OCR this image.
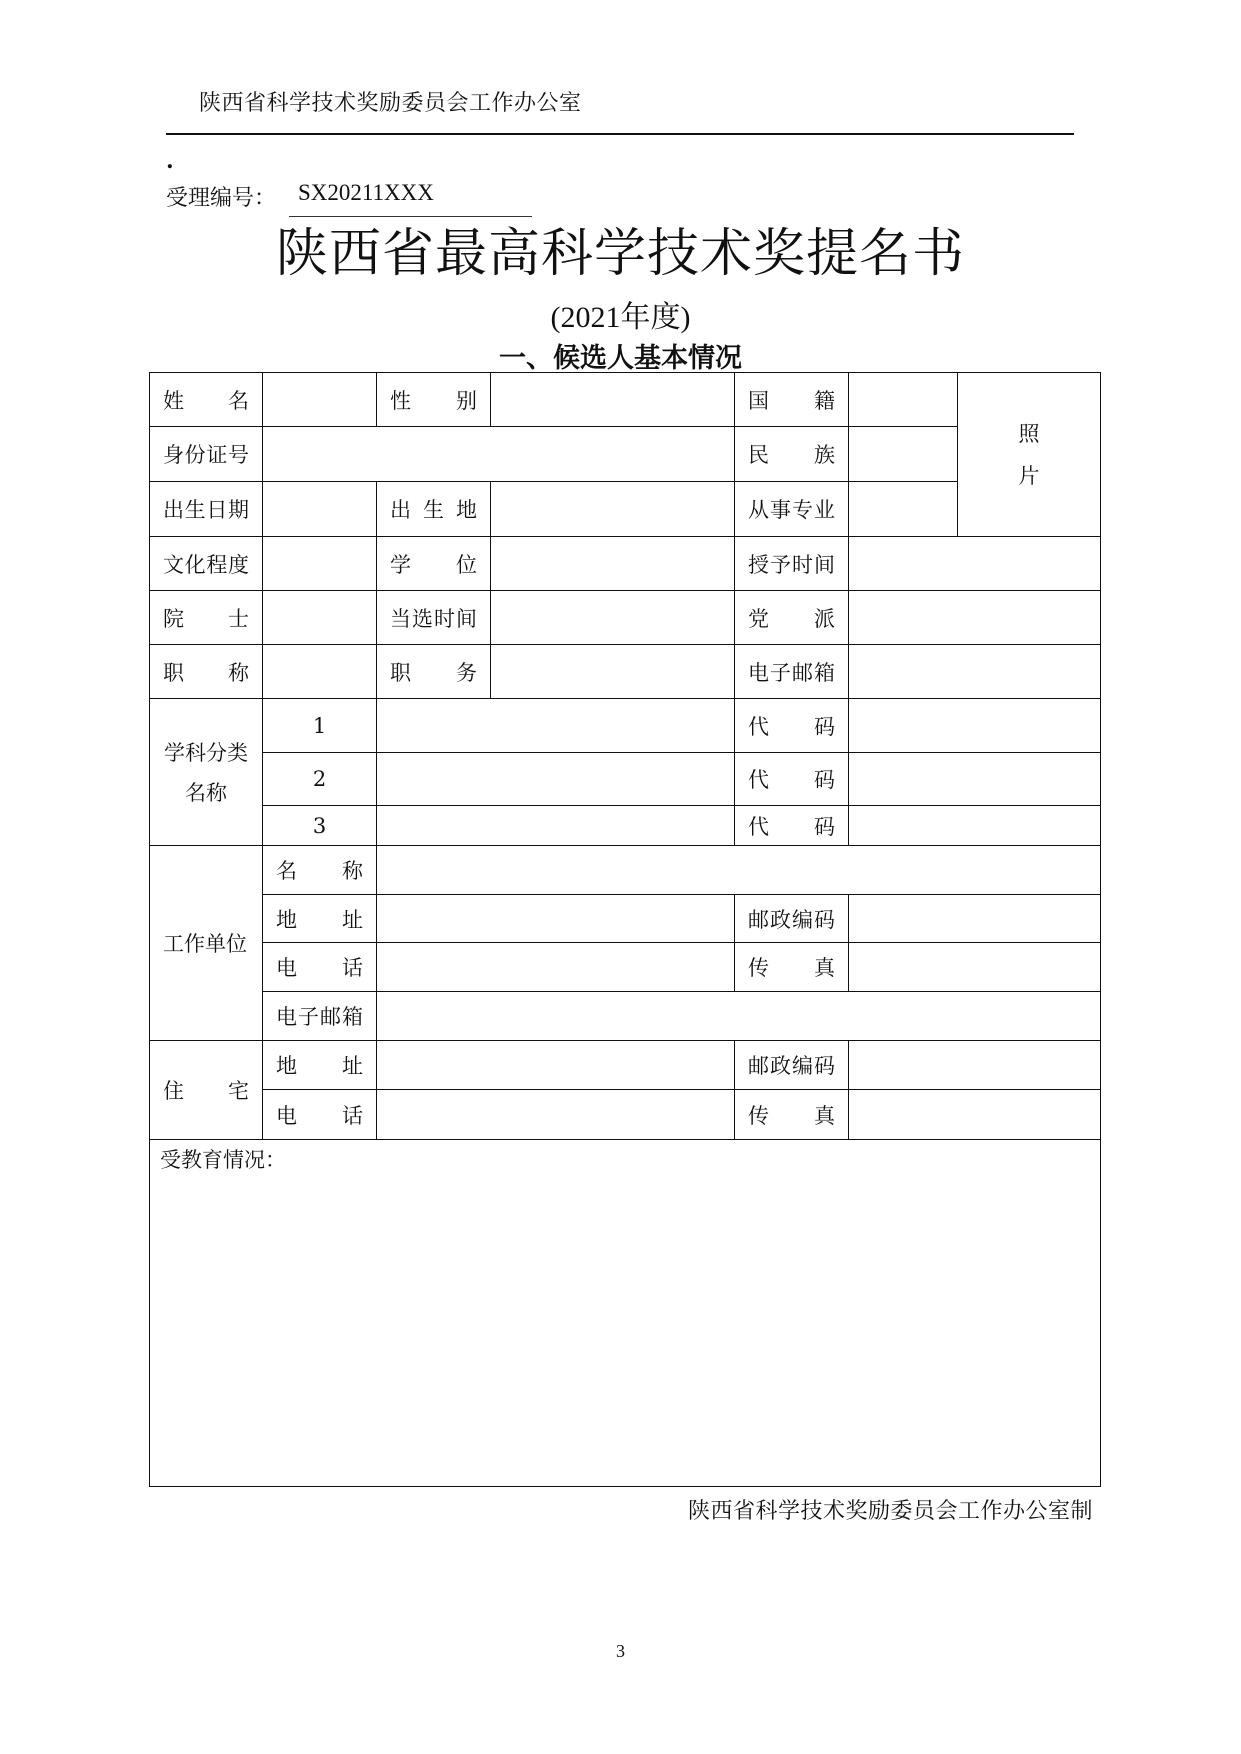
陕西省科学技术奖励委员会工作办公室
.
受理编号： SX20211XXX
陕西省最高科学技术奖提名书
(2021年度)
一、候选人基本情况
姓　名		性　别		国　籍		照
片

身份证号				民　族		

出生日期		出 生 地		从事专业		

文化程度		学　位		授予时间		

院　士		当选时间		党　派		

职　称		职　务		电子邮箱		

学科分类
名称	1			代　码		

	2			代　码		

	3			代　码		

工作单位	名　称					

	地　址			邮政编码		

	电　话			传　真		

	电子邮箱					

住　宅	地　址			邮政编码		

	电　话			传　真		

受教育情况：						
陕西省科学技术奖励委员会工作办公室制
3
